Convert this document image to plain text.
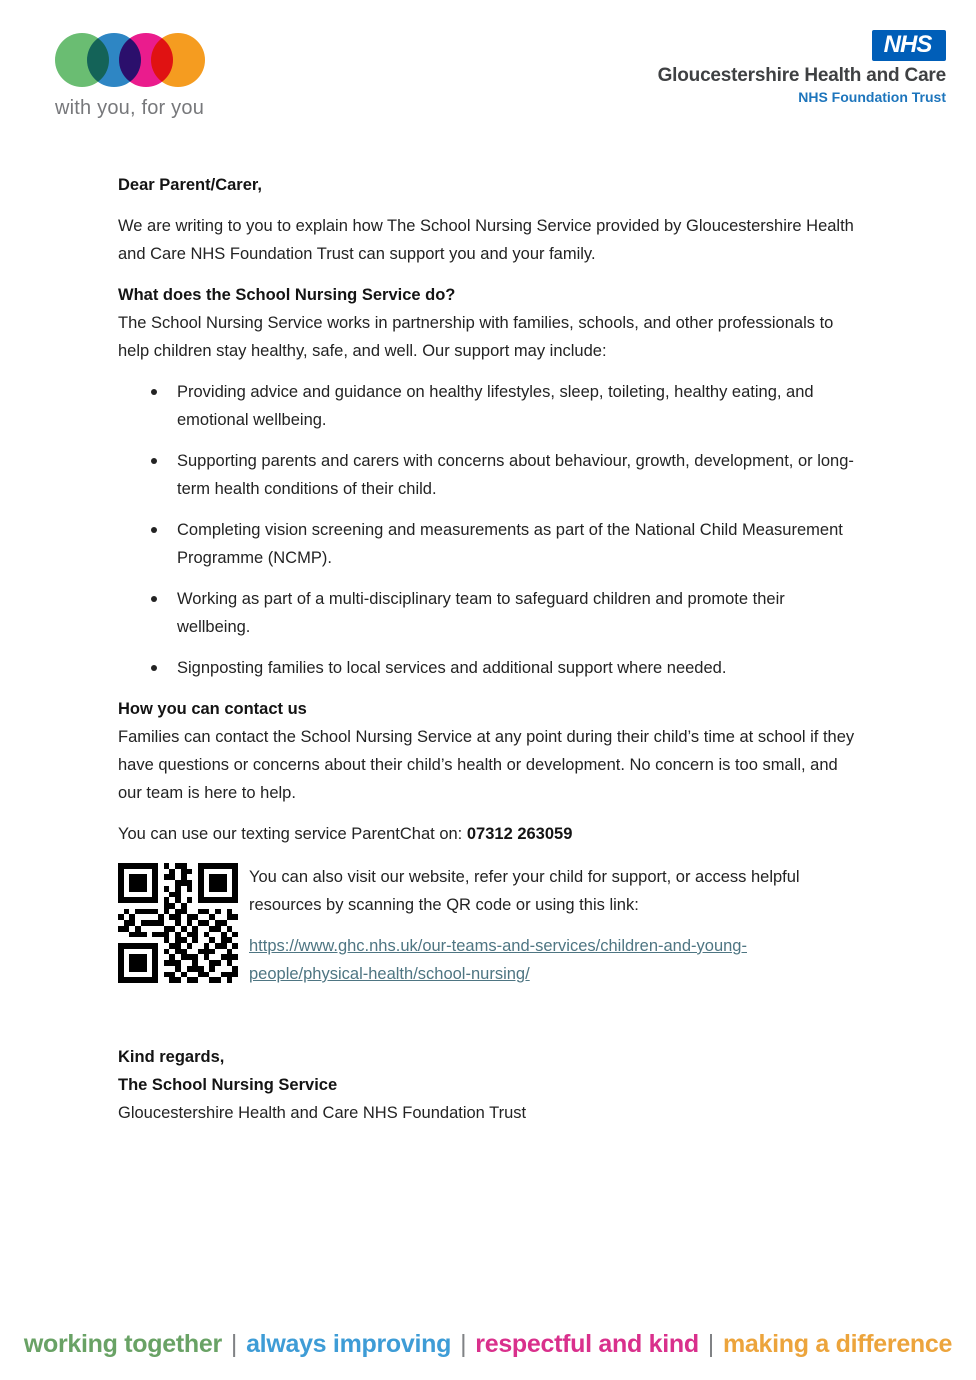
with you, for you
NHS
Gloucestershire Health and Care
NHS Foundation Trust

Dear Parent/Carer,

We are writing to you to explain how The School Nursing Service provided by Gloucestershire Health and Care NHS Foundation Trust can support you and your family.

What does the School Nursing Service do?

The School Nursing Service works in partnership with families, schools, and other professionals to help children stay healthy, safe, and well. Our support may include:

Providing advice and guidance on healthy lifestyles, sleep, toileting, healthy eating, and emotional wellbeing.
Supporting parents and carers with concerns about behaviour, growth, development, or long-term health conditions of their child.
Completing vision screening and measurements as part of the National Child Measurement Programme (NCMP).
Working as part of a multi-disciplinary team to safeguard children and promote their wellbeing.
Signposting families to local services and additional support where needed.
How you can contact us

Families can contact the School Nursing Service at any point during their child’s time at school if they have questions or concerns about their child’s health or development. No concern is too small, and our team is here to help.

You can use our texting service ParentChat on: 07312 263059

You can also visit our website, refer your child for support, or access helpful resources by scanning the QR code or using this link:

https://www.ghc.nhs.uk/our-teams-and-services/children-and-young-people/physical-health/school-nursing/

Kind regards,

The School Nursing Service

Gloucestershire Health and Care NHS Foundation Trust

working together | always improving | respectful and kind | making a difference
